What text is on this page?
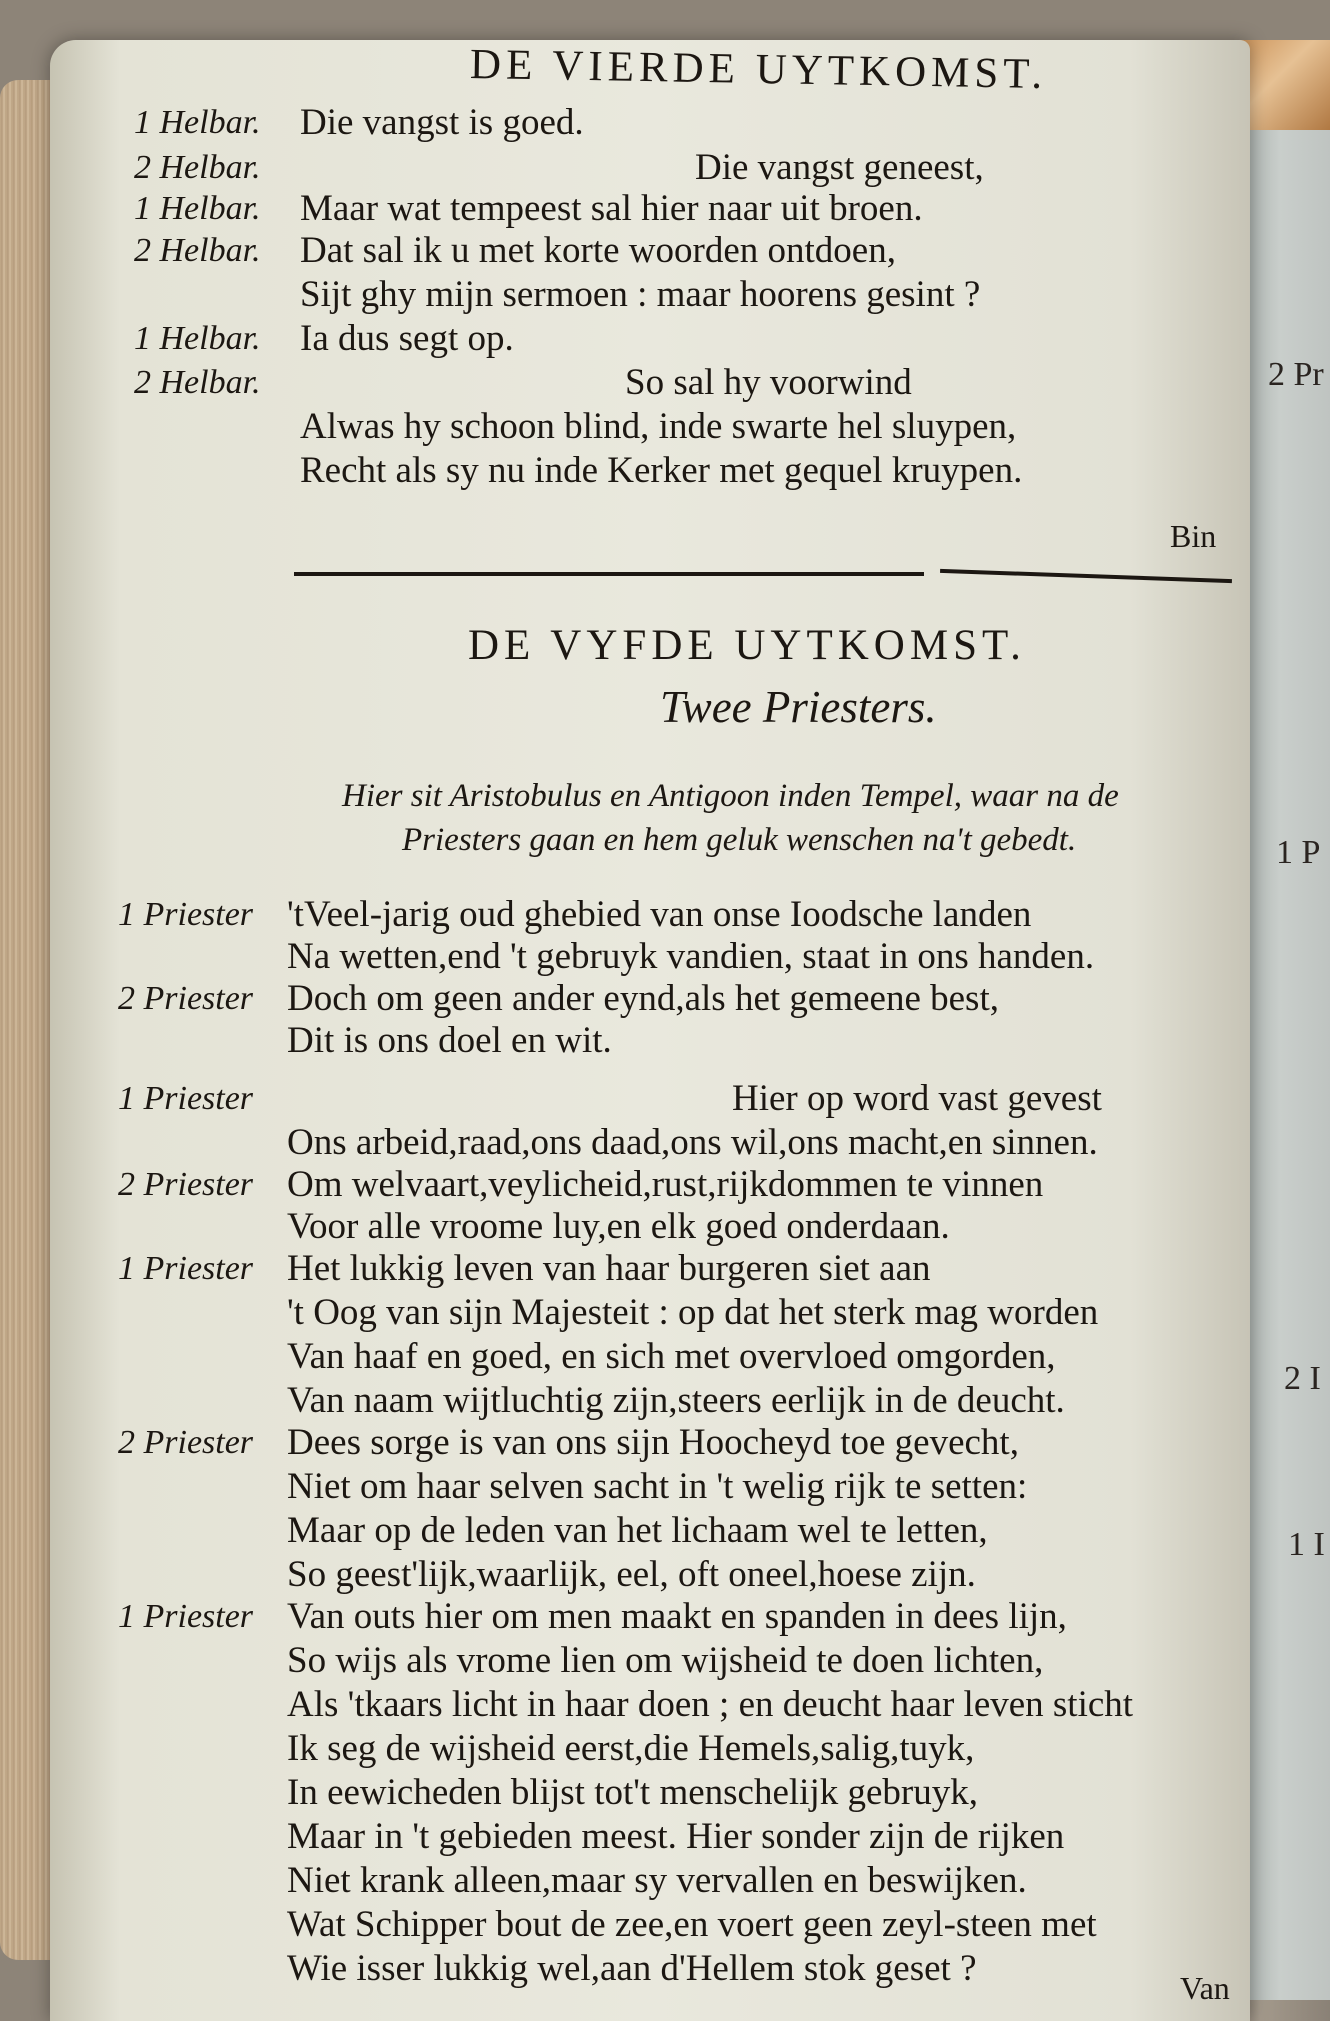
DE VIERDE UYTKOMST.
1 Helbar. Die vangst is goed.
2 Helbar.	Die vangst geneest,
1 Helbar. Maar wat tempeest sal hier naar uit broen.
2 Helbar. Dat sal ik u met korte woorden ontdoen,
Sijt ghy mijn sermoen : maar hoorens gesint ?
1 Helbar. Ia dus segt op.
2 Helbar.	So sal hy voorwind
Alwas hy schoon blind, inde swarte hel sluypen,
Recht als sy nu inde Kerker met gequel kruypen.
Bin
DE VYFDE UYTKOMST.
Twee Priesters.
Hier sit Aristobulus en Antigoon inden Tempel, waar na de
Priesters gaan en hem geluk wenschen na't gebedt.
1 Priester 'tVeel-jarig oud ghebied van onse Ioodsche landen
Na wetten,end 't gebruyk vandien, staat in ons handen.
2 Priester Doch om geen ander eynd,als het gemeene best,
Dit is ons doel en wit.
1 Priester	Hier op word vast gevest
Ons arbeid,raad,ons daad,ons wil,ons macht,en sinnen.
2 Priester Om welvaart,veylicheid,rust,rijkdommen te vinnen
Voor alle vroome luy,en elk goed onderdaan.
1 Priester Het lukkig leven van haar burgeren siet aan
't Oog van sijn Majesteit : op dat het sterk mag worden
Van haaf en goed, en sich met overvloed omgorden,
Van naam wijtluchtig zijn,steers eerlijk in de deucht.
2 Priester Dees sorge is van ons sijn Hoocheyd toe gevecht,
Niet om haar selven sacht in 't welig rijk te setten:
Maar op de leden van het lichaam wel te letten,
So geest'lijk,waarlijk, eel, oft oneel,hoese zijn.
1 Priester Van outs hier om men maakt en spanden in dees lijn,
So wijs als vrome lien om wijsheid te doen lichten,
Als 'tkaars licht in haar doen ; en deucht haar leven sticht
Ik seg de wijsheid eerst,die Hemels,salig,tuyk,
In eewicheden blijst tot't menschelijk gebruyk,
Maar in 't gebieden meest. Hier sonder zijn de rijken
Niet krank alleen,maar sy vervallen en beswijken.
Wat Schipper bout de zee,en voert geen zeyl-steen met
Wie isser lukkig wel,aan d'Hellem stok geset ?	Van
2 Pr
1 P
2 I
1 I
